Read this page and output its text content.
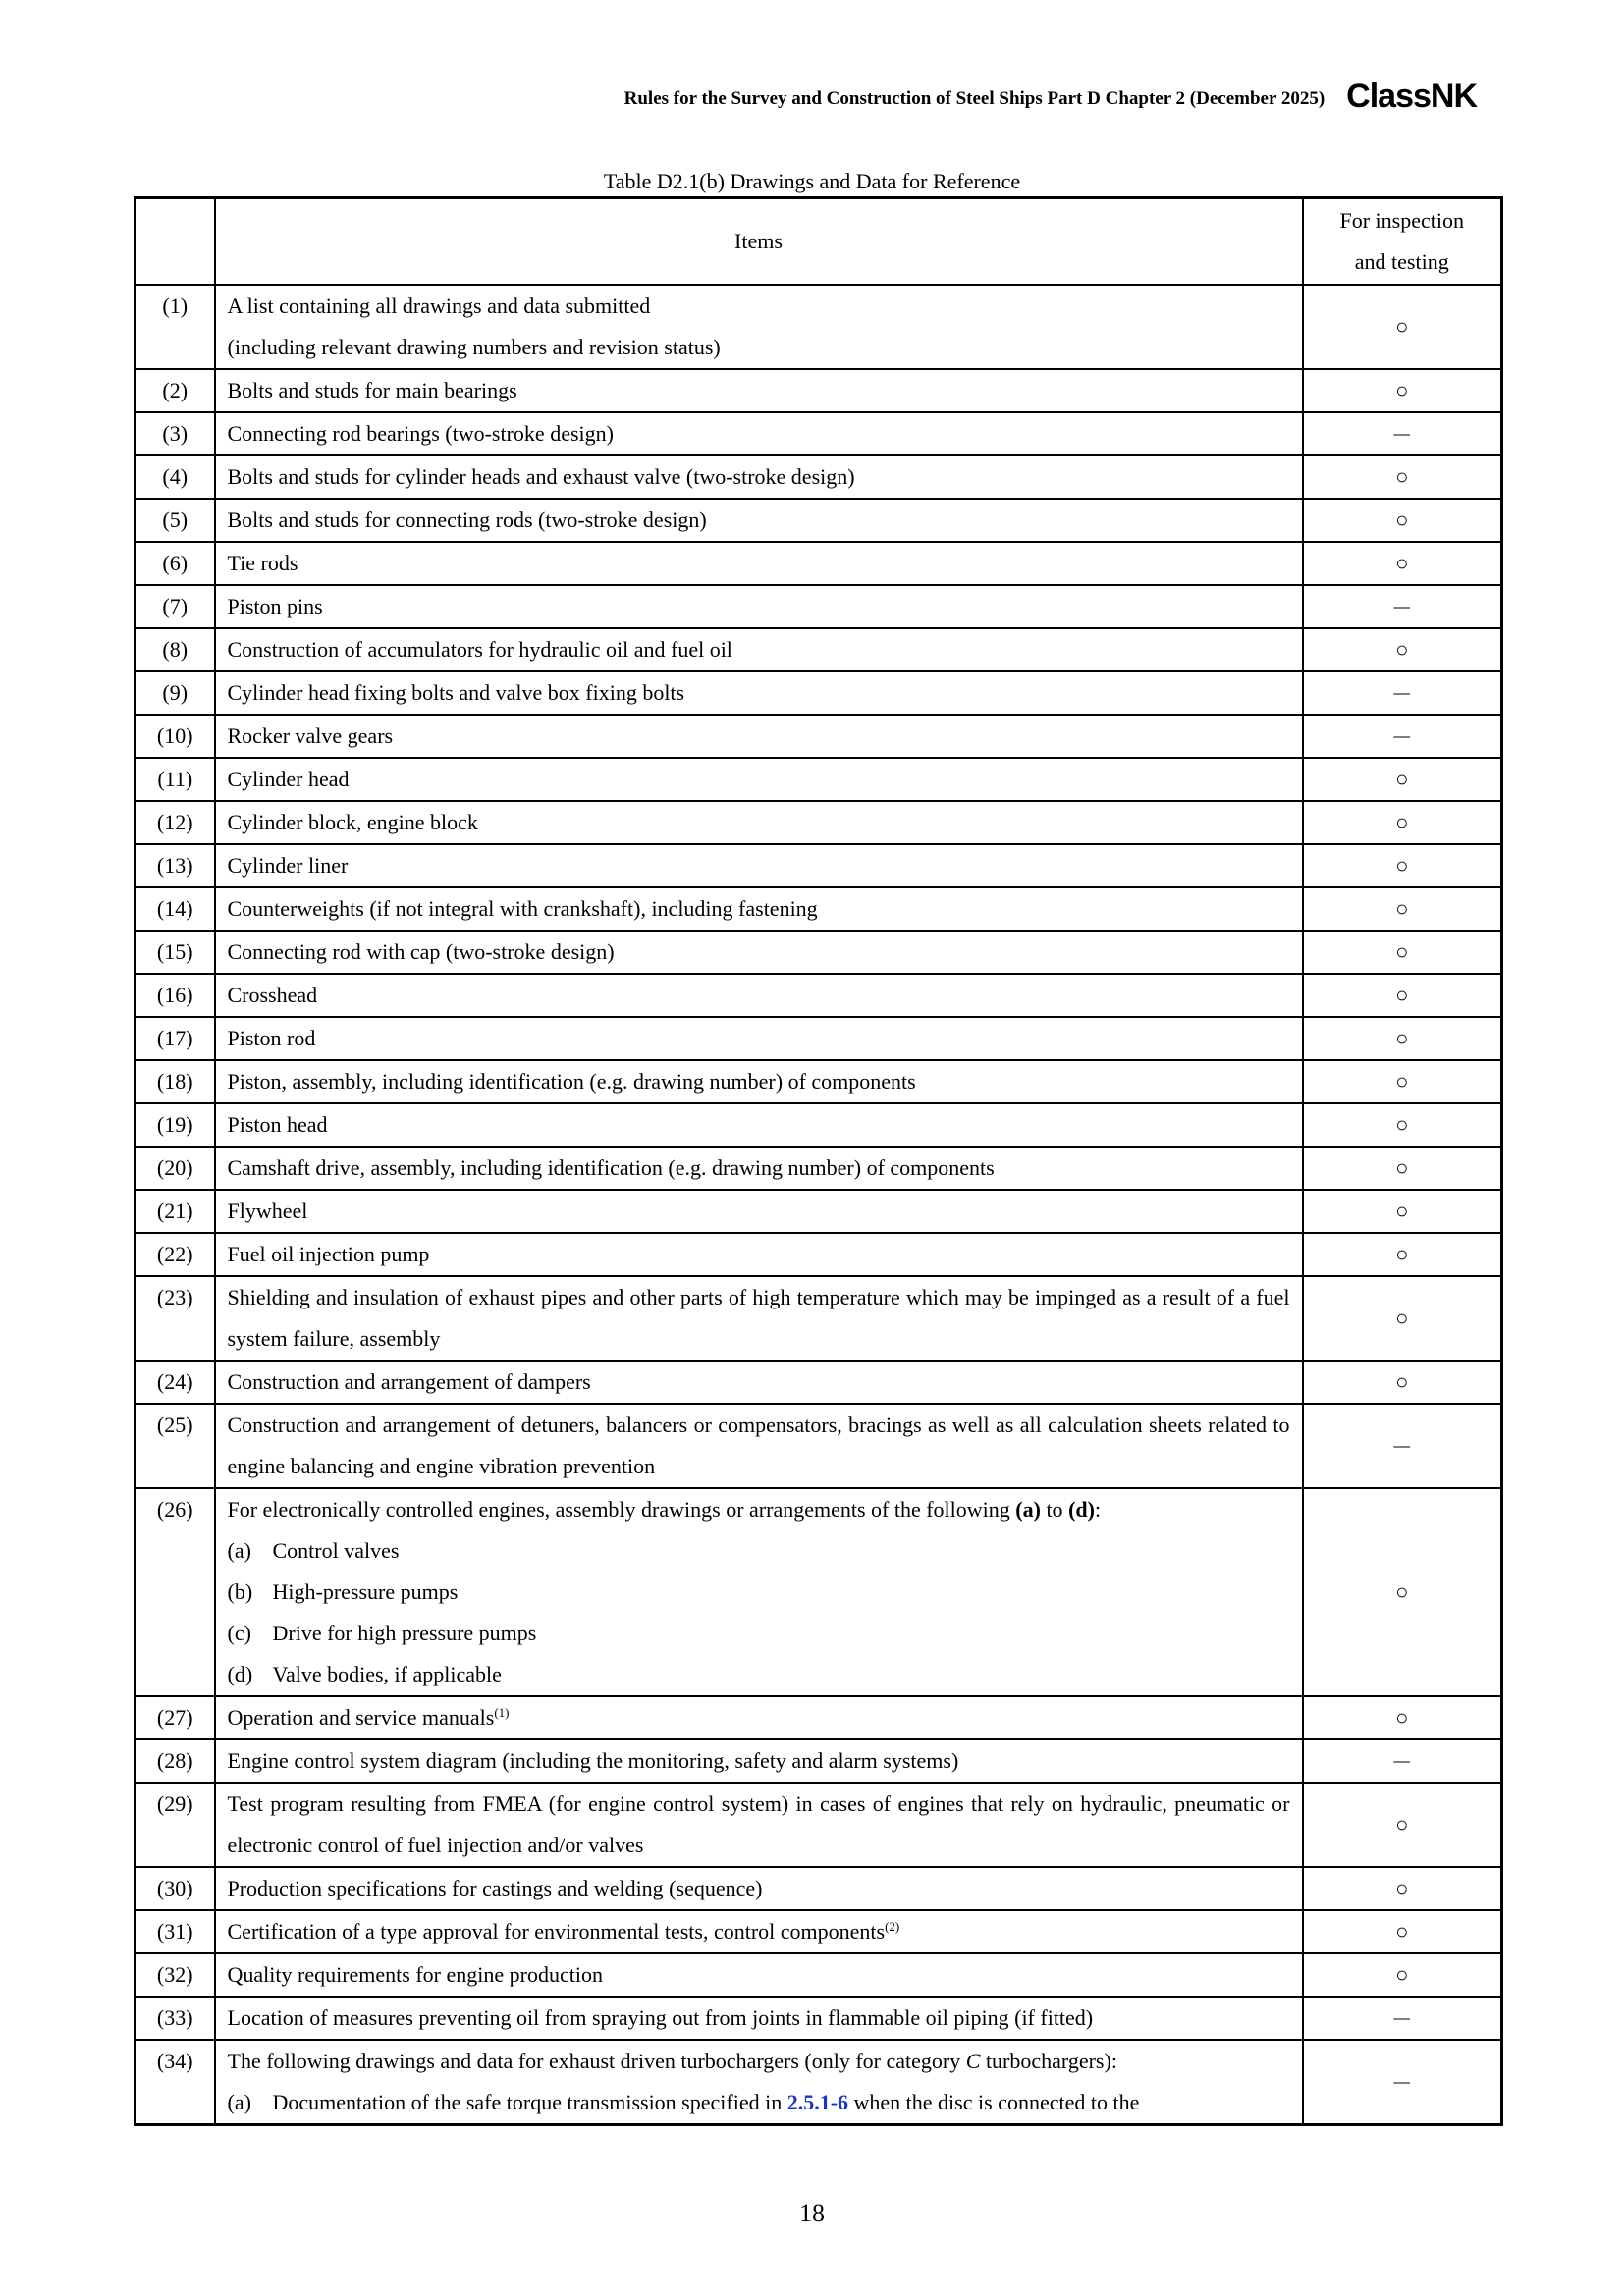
Rules for the Survey and Construction of Steel Ships Part D Chapter 2 (December 2025) ClassNK
Table D2.1(b) Drawings and Data for Reference
	Items	For inspection
and testing

(1)	A list containing all drawings and data submitted
(including relevant drawing numbers and revision status)	○
(2)	Bolts and studs for main bearings	○
(3)	Connecting rod bearings (two-stroke design)	－
(4)	Bolts and studs for cylinder heads and exhaust valve (two-stroke design)	○
(5)	Bolts and studs for connecting rods (two-stroke design)	○
(6)	Tie rods	○
(7)	Piston pins	－
(8)	Construction of accumulators for hydraulic oil and fuel oil	○
(9)	Cylinder head fixing bolts and valve box fixing bolts	－
(10)	Rocker valve gears	－
(11)	Cylinder head	○
(12)	Cylinder block, engine block	○
(13)	Cylinder liner	○
(14)	Counterweights (if not integral with crankshaft), including fastening	○
(15)	Connecting rod with cap (two-stroke design)	○
(16)	Crosshead	○
(17)	Piston rod	○
(18)	Piston, assembly, including identification (e.g. drawing number) of components	○
(19)	Piston head	○
(20)	Camshaft drive, assembly, including identification (e.g. drawing number) of components	○
(21)	Flywheel	○
(22)	Fuel oil injection pump	○
(23)	Shielding and insulation of exhaust pipes and other parts of high temperature which may be impinged as a result of a fuel system failure, assembly	○
(24)	Construction and arrangement of dampers	○
(25)	Construction and arrangement of detuners, balancers or compensators, bracings as well as all calculation sheets related to engine balancing and engine vibration prevention	－
(26)	For electronically controlled engines, assembly drawings or arrangements of the following (a) to (d):
(a) Control valves
(b) High-pressure pumps
(c) Drive for high pressure pumps
(d) Valve bodies, if applicable	○
(27)	Operation and service manuals$^{(1)}$	○
(28)	Engine control system diagram (including the monitoring, safety and alarm systems)	－
(29)	Test program resulting from FMEA (for engine control system) in cases of engines that rely on hydraulic, pneumatic or electronic control of fuel injection and/or valves	○
(30)	Production specifications for castings and welding (sequence)	○
(31)	Certification of a type approval for environmental tests, control components$^{(2)}$	○
(32)	Quality requirements for engine production	○
(33)	Location of measures preventing oil from spraying out from joints in flammable oil piping (if fitted)	－
(34)	The following drawings and data for exhaust driven turbochargers (only for category C turbochargers):
(a) Documentation of the safe torque transmission specified in 2.5.1-6 when the disc is connected to the	－
18
